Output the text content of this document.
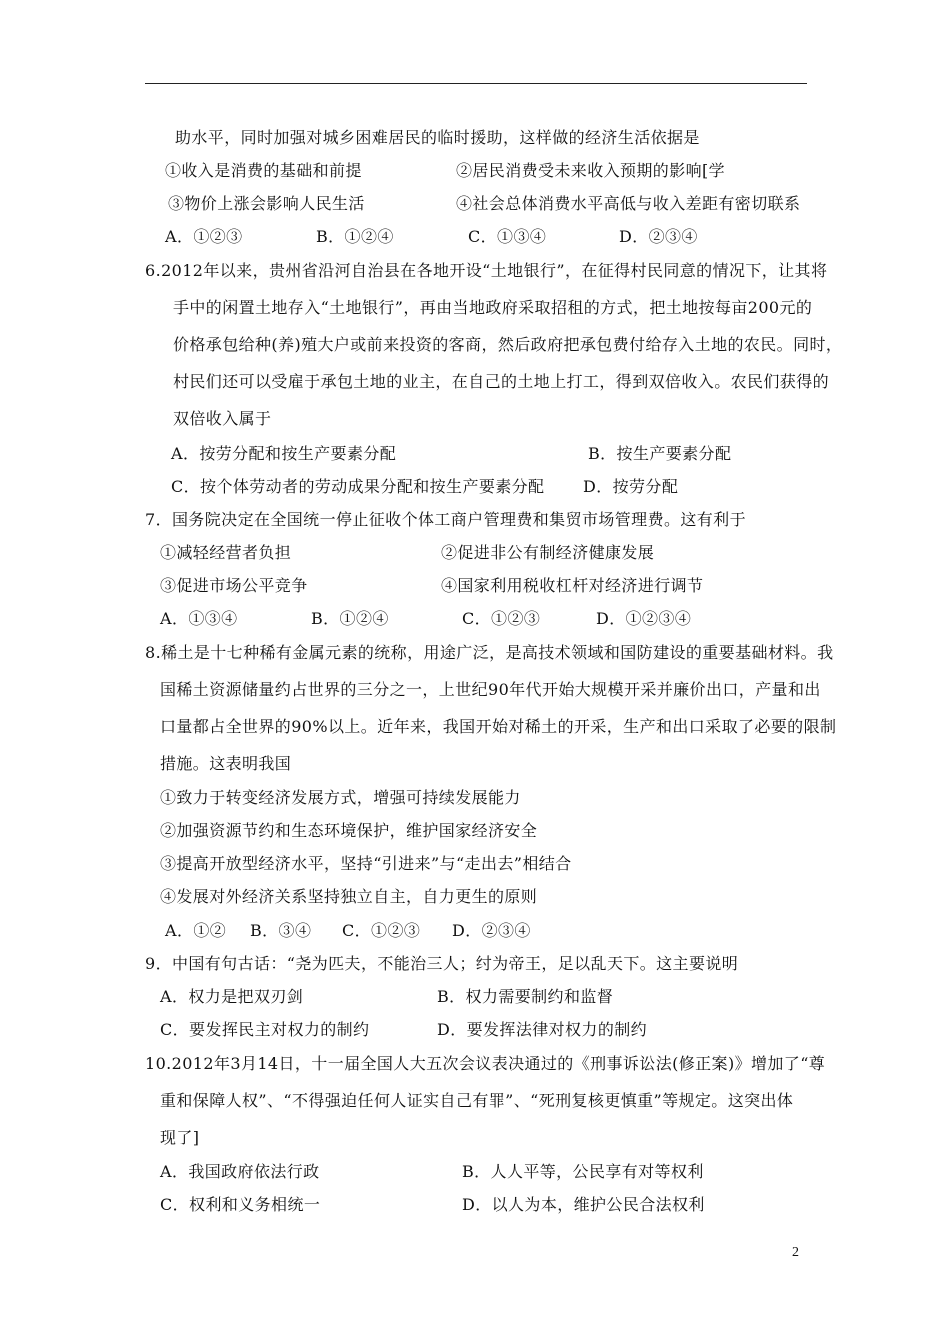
助水平，同时加强对城乡困难居民的临时援助，这样做的经济生活依据是
①收入是消费的基础和前提	②居民消费受未来收入预期的影响[学
③物价上涨会影响人民生活	④社会总体消费水平高低与收入差距有密切联系
A．①②③	B．①②④	C．①③④	D．②③④
6.2012年以来，贵州省沿河自治县在各地开设“土地银行”，在征得村民同意的情况下，让其将
手中的闲置土地存入“土地银行”，再由当地政府采取招租的方式，把土地按每亩200元的
价格承包给种(养)殖大户或前来投资的客商，然后政府把承包费付给存入土地的农民。同时，
村民们还可以受雇于承包土地的业主，在自己的土地上打工，得到双倍收入。农民们获得的
双倍收入属于
A．按劳分配和按生产要素分配	B．按生产要素分配
C．按个体劳动者的劳动成果分配和按生产要素分配 D．按劳分配
7．国务院决定在全国统一停止征收个体工商户管理费和集贸市场管理费。这有利于
①减轻经营者负担	②促进非公有制经济健康发展
③促进市场公平竞争	④国家利用税收杠杆对经济进行调节
A．①③④	B．①②④	C．①②③	D．①②③④
8.稀土是十七种稀有金属元素的统称，用途广泛，是高技术领域和国防建设的重要基础材料。我
国稀土资源储量约占世界的三分之一，上世纪90年代开始大规模开采并廉价出口，产量和出
口量都占全世界的90%以上。近年来，我国开始对稀土的开采，生产和出口采取了必要的限制
措施。这表明我国
①致力于转变经济发展方式，增强可持续发展能力
②加强资源节约和生态环境保护，维护国家经济安全
③提高开放型经济水平，坚持“引进来”与“走出去”相结合
④发展对外经济关系坚持独立自主，自力更生的原则
A．①② B．③④ C．①②③ D．②③④
9．中国有句古话：“尧为匹夫，不能治三人；纣为帝王，足以乱天下。这主要说明
A．权力是把双刃剑	B．权力需要制约和监督
C．要发挥民主对权力的制约	D．要发挥法律对权力的制约
10.2012年3月14日，十一届全国人大五次会议表决通过的《刑事诉讼法(修正案)》增加了“尊
重和保障人权”、“不得强迫任何人证实自己有罪”、“死刑复核更慎重”等规定。这突出体
现了]
A．我国政府依法行政	B．人人平等，公民享有对等权利
C．权利和义务相统一	D．以人为本，维护公民合法权利
2
